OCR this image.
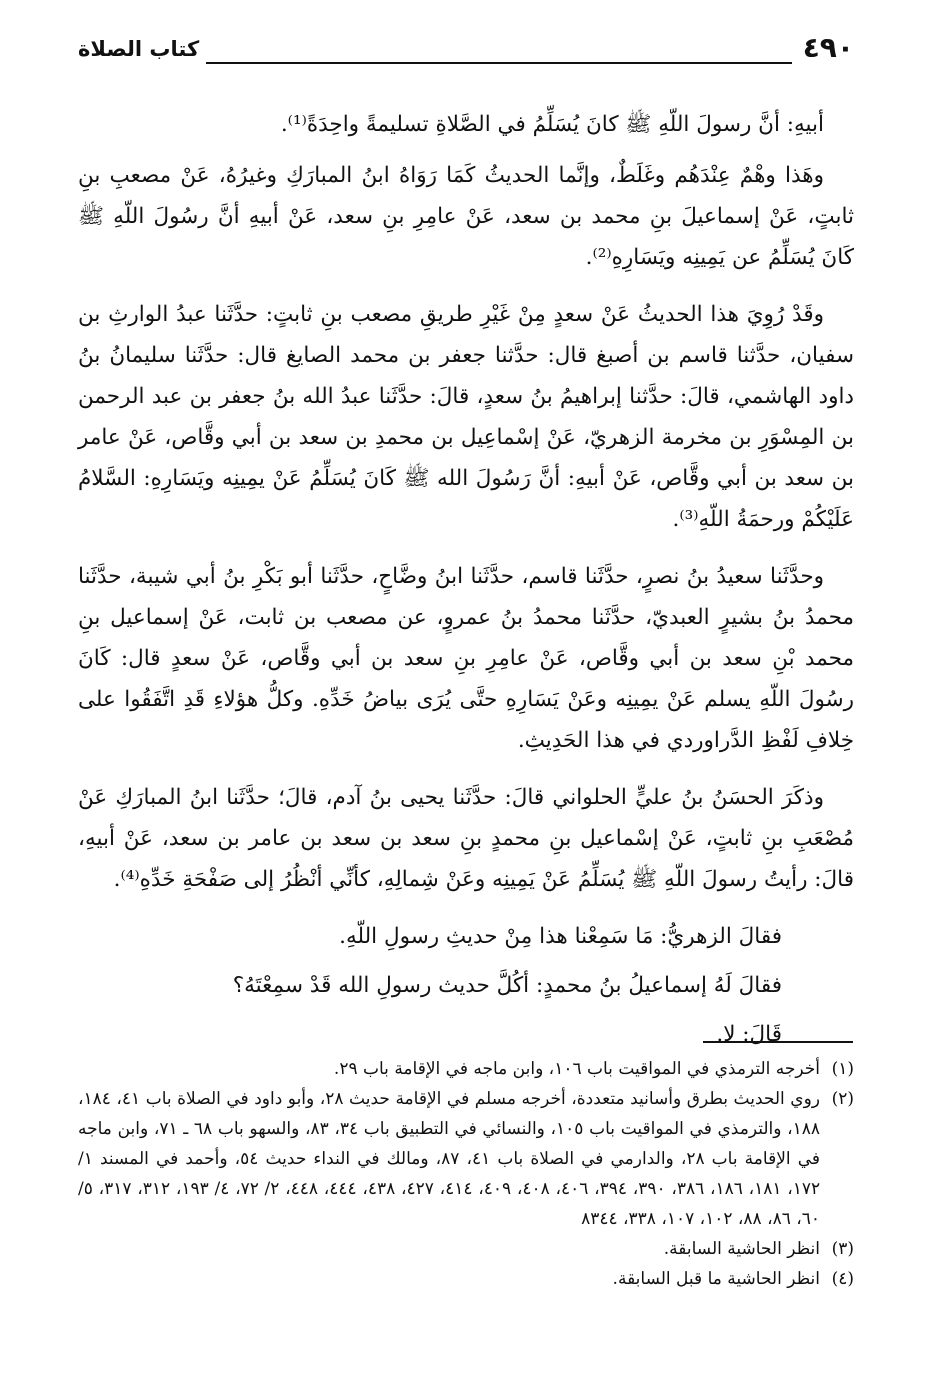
٤٩٠
كتاب الصلاة

أبيهِ: أنَّ رسولَ اللّهِ ﷺ كانَ يُسَلِّمُ في الصَّلاةِ تسليمةً واحِدَةً⁽¹⁾.

وهَذا وهْمٌ عِنْدَهُم وغَلَطٌ، وإنَّما الحديثُ كَمَا رَوَاهُ ابنُ المبارَكِ وغيرُهُ، عَنْ مصعبِ بنِ ثابتٍ، عَنْ إسماعيلَ بنِ محمد بن سعد، عَنْ عامِرِ بنِ سعد، عَنْ أبيهِ أنَّ رسُولَ اللّهِ ﷺ كَانَ يُسَلِّمُ عن يَمِينِه ويَسَارِهِ⁽²⁾.

وقَدْ رُوِيَ هذا الحديثُ عَنْ سعدٍ مِنْ غَيْرِ طريقِ مصعب بنِ ثابتٍ: حدَّثَنا عبدُ الوارثِ بن سفيان، حدَّثنا قاسم بن أصبغ قال: حدَّثنا جعفر بن محمد الصايغ قال: حدَّثَنا سليمانُ بنُ داود الهاشمي، قالَ: حدَّثنا إبراهيمُ بنُ سعدٍ، قالَ: حدَّثَنا عبدُ الله بنُ جعفر بن عبد الرحمن بن المِسْوَرِ بن مخرمة الزهريّ، عَنْ إسْماعِيل بن محمدِ بن سعد بن أبي وقَّاص، عَنْ عامر بن سعد بن أبي وقَّاص، عَنْ أبيهِ: أنَّ رَسُولَ الله ﷺ كَانَ يُسَلِّمُ عَنْ يمِينِه ويَسَارِهِ: السَّلامُ عَلَيْكُمْ ورحمَةُ اللّهِ⁽³⁾.

وحدَّثَنا سعيدُ بنُ نصرٍ، حدَّثَنا قاسم، حدَّثَنا ابنُ وضَّاحٍ، حدَّثَنا أبو بَكْرِ بنُ أبي شيبة، حدَّثَنا محمدُ بنُ بشيرٍ العبديّ، حدَّثَنا محمدُ بنُ عمروٍ، عن مصعب بن ثابت، عَنْ إسماعيل بنِ محمد بْنِ سعد بن أبي وقَّاص، عَنْ عامِرِ بنِ سعد بن أبي وقَّاص، عَنْ سعدٍ قال: كَانَ رسُولَ اللّهِ يسلم عَنْ يمِينِه وعَنْ يَسَارِهِ حتَّى يُرَى بياضُ خَدِّهِ. وكلُّ هؤلاءِ قَدِ اتَّفَقُوا على خِلافِ لَفْظِ الدَّراوردي في هذا الحَدِيثِ.

وذكَرَ الحسَنُ بنُ عليٍّ الحلواني قالَ: حدَّثَنا يحيى بنُ آدم، قالَ؛ حدَّثَنا ابنُ المبارَكِ عَنْ مُصْعَبِ بنِ ثابتٍ، عَنْ إسْماعيل بنِ محمدٍ بنِ سعد بن سعد بن عامر بن سعد، عَنْ أبيهِ، قالَ: رأيتُ رسولَ اللّهِ ﷺ يُسَلِّمُ عَنْ يَمِينِه وعَنْ شِمالِهِ، كأنِّي أنْظُرُ إلى صَفْحَةِ خَدِّهِ⁽⁴⁾.

فقالَ الزهريُّ: مَا سَمِعْنا هذا مِنْ حديثِ رسولِ اللّهِ.

فقالَ لَهُ إسماعيلُ بنُ محمدٍ: أكُلَّ حديث رسولِ الله قَدْ سمِعْتَهُ؟

قَالَ: لا.

(١)
أخرجه الترمذي في المواقيت باب ١٠٦، وابن ماجه في الإقامة باب ٢٩.

(٢)
روي الحديث بطرق وأسانيد متعددة، أخرجه مسلم في الإقامة حديث ٢٨، وأبو داود في الصلاة باب ٤١، ١٨٤، ١٨٨، والترمذي في المواقيت باب ١٠٥، والنسائي في التطبيق باب ٣٤، ٨٣، والسهو باب ٦٨ ـ ٧١، وابن ماجه في الإقامة باب ٢٨، والدارمي في الصلاة باب ٤١، ٨٧، ومالك في النداء حديث ٥٤، وأحمد في المسند ١/ ١٧٢، ١٨١، ١٨٦، ٣٨٦، ٣٩٠، ٣٩٤، ٤٠٦، ٤٠٨، ٤٠٩، ٤١٤، ٤٢٧، ٤٣٨، ٤٤٤، ٤٤٨، ٢/ ٧٢، ٤/ ١٩٣، ٣١٢، ٣١٧، ٥/ ٦٠، ٨٦، ٨٨، ١٠٢، ١٠٧، ٣٣٨، ٨٣٤٤

(٣)
انظر الحاشية السابقة.

(٤)
انظر الحاشية ما قبل السابقة.
